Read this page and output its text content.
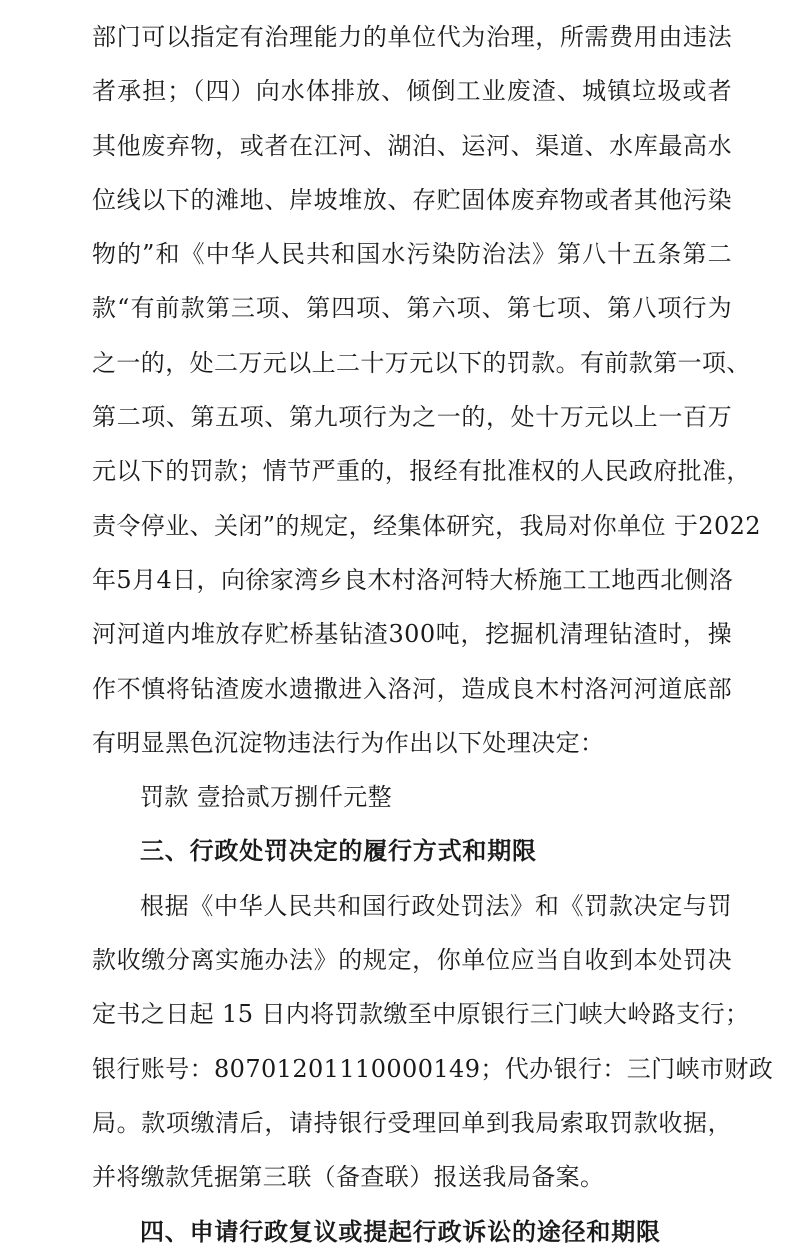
部门可以指定有治理能力的单位代为治理，所需费用由违法
者承担；（四）向水体排放、倾倒工业废渣、城镇垃圾或者
其他废弃物，或者在江河、湖泊、运河、渠道、水库最高水
位线以下的滩地、岸坡堆放、存贮固体废弃物或者其他污染
物的”和《中华人民共和国水污染防治法》第八十五条第二
款“有前款第三项、第四项、第六项、第七项、第八项行为
之一的，处二万元以上二十万元以下的罚款。有前款第一项、
第二项、第五项、第九项行为之一的，处十万元以上一百万
元以下的罚款；情节严重的，报经有批准权的人民政府批准，
责令停业、关闭”的规定，经集体研究，我局对你单位 于2022
年5月4日，向徐家湾乡良木村洛河特大桥施工工地西北侧洛
河河道内堆放存贮桥基钻渣300吨，挖掘机清理钻渣时，操
作不慎将钻渣废水遗撒进入洛河，造成良木村洛河河道底部
有明显黑色沉淀物违法行为作出以下处理决定：
罚款 壹拾贰万捌仟元整
三、行政处罚决定的履行方式和期限
根据《中华人民共和国行政处罚法》和《罚款决定与罚
款收缴分离实施办法》的规定，你单位应当自收到本处罚决
定书之日起 15 日内将罚款缴至中原银行三门峡大岭路支行；
银行账号：80701201110000149；代办银行：三门峡市财政
局。款项缴清后，请持银行受理回单到我局索取罚款收据，
并将缴款凭据第三联（备查联）报送我局备案。
四、申请行政复议或提起行政诉讼的途径和期限
